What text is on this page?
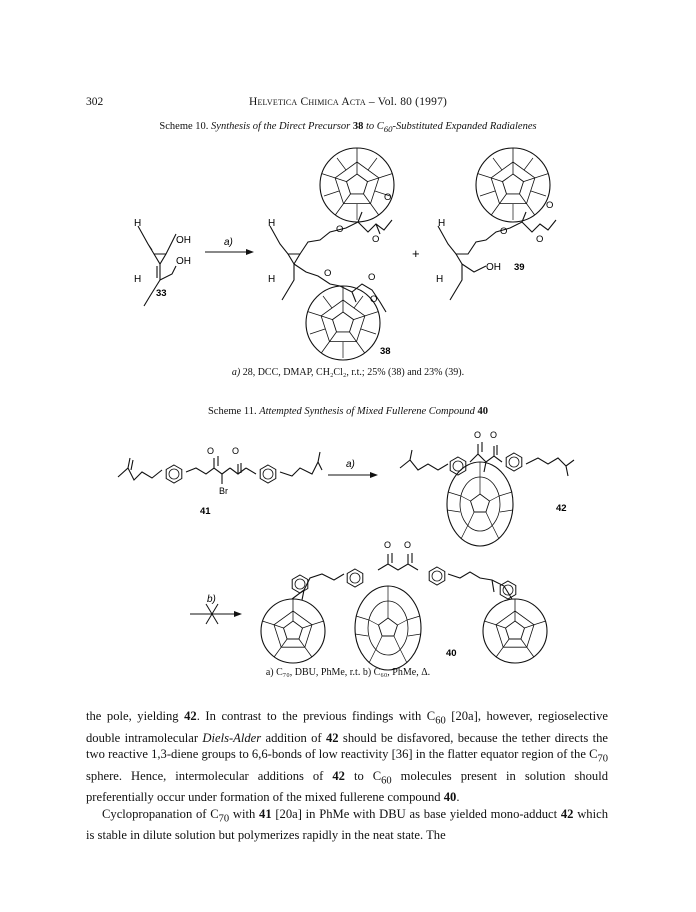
302	Helvetica Chimica Acta – Vol. 80 (1997)
Scheme 10. Synthesis of the Direct Precursor 38 to $C_{60}$-Substituted Expanded Radialenes
H
OH
OH
H
33
a)
H
O
O
O
H
O	O
O
38
+
H
O
O
O
OH
H
39
a) 28, DCC, DMAP, CH₂Cl₂, r.t.; 25% (38) and 23% (39).
Scheme 11. Attempted Synthesis of Mixed Fullerene Compound 40
O O
Br
41
a)
O O
42
b)
O O
40
a) C₇₀, DBU, PhMe, r.t. b) C₆₀, PhMe, Δ.

the pole, yielding 42. In contrast to the previous findings with $C_{60}$ [20a], however, regioselective double intramolecular Diels-Alder addition of 42 should be disfavored, because the tether directs the two reactive 1,3-diene groups to 6,6-bonds of low reactivity [36] in the flatter equator region of the $C_{70}$ sphere. Hence, intermolecular additions of 42 to $C_{60}$ molecules present in solution should preferentially occur under formation of the mixed fullerene compound 40.

Cyclopropanation of $C_{70}$ with 41 [20a] in PhMe with DBU as base yielded mono-adduct 42 which is stable in dilute solution but polymerizes rapidly in the neat state. The
